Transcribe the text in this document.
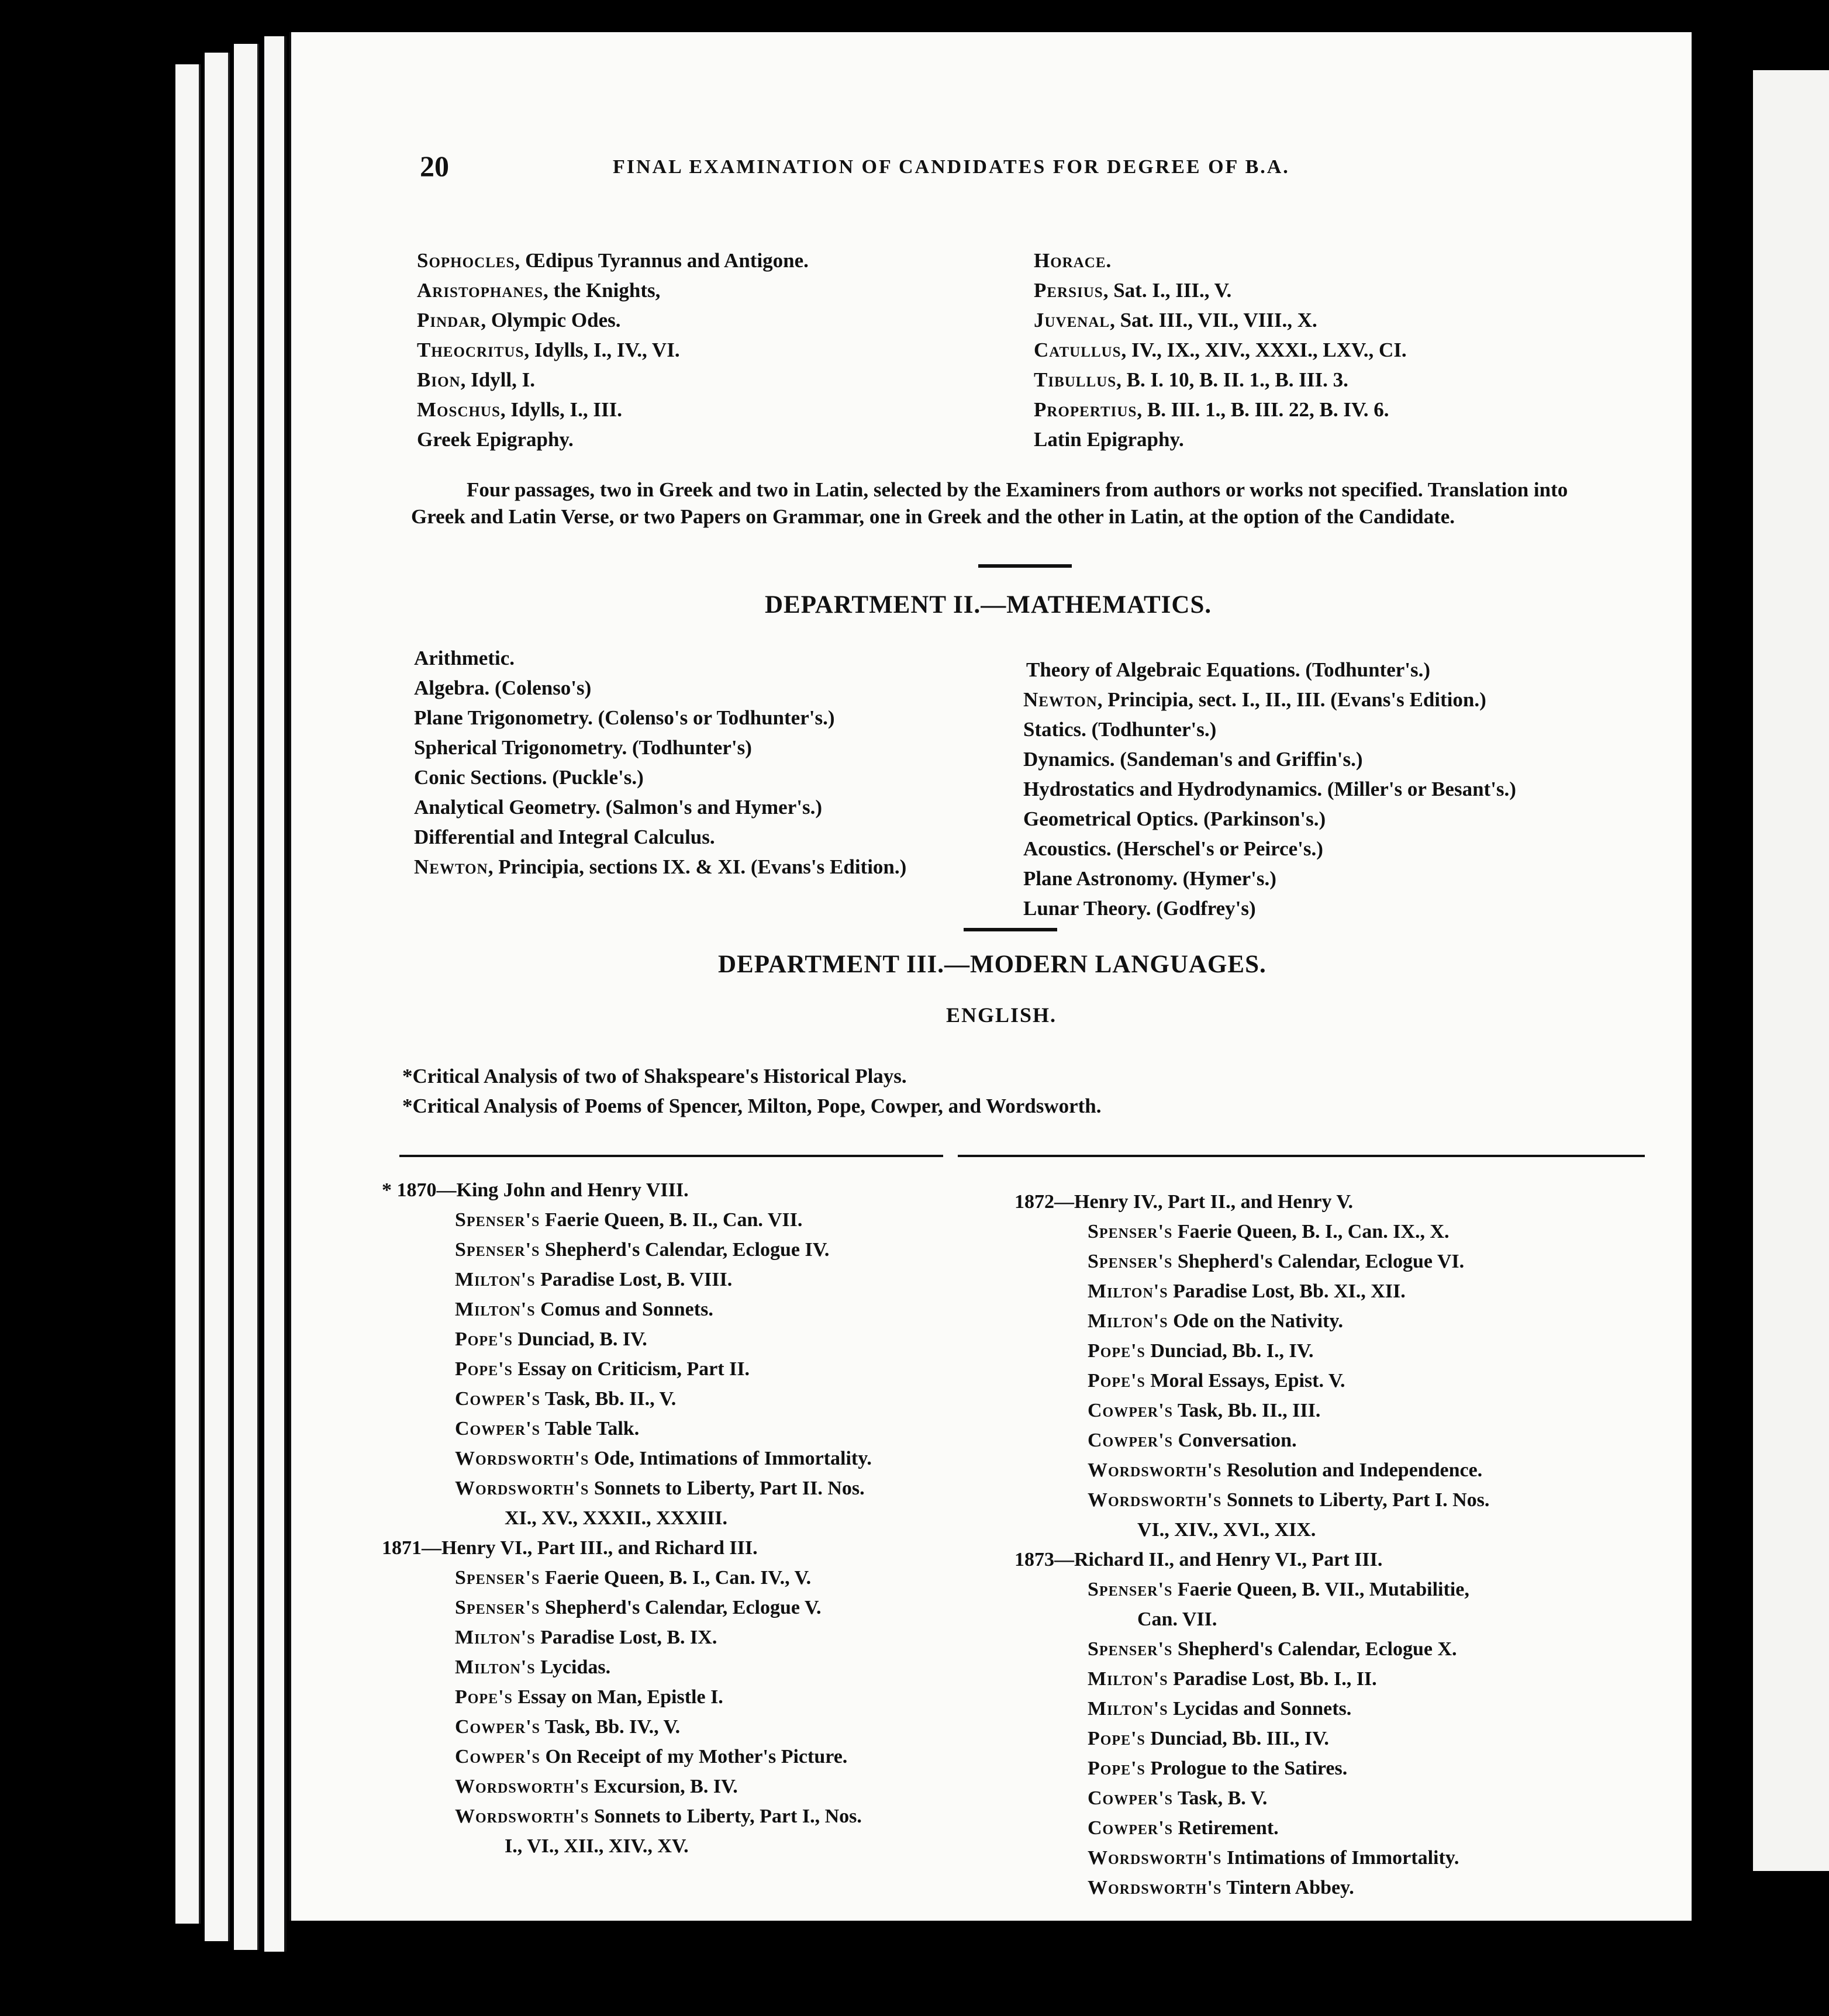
20	FINAL EXAMINATION OF CANDIDATES FOR DEGREE OF B.A.
Sophocles, Œdipus Tyrannus and Antigone.
Aristophanes, the Knights,
Pindar, Olympic Odes.
Theocritus, Idylls, I., IV., VI.
Bion, Idyll, I.
Moschus, Idylls, I., III.
Greek Epigraphy.
Horace.
Persius, Sat. I., III., V.
Juvenal, Sat. III., VII., VIII., X.
Catullus, IV., IX., XIV., XXXI., LXV., CI.
Tibullus, B. I. 10, B. II. 1., B. III. 3.
Propertius, B. III. 1., B. III. 22, B. IV. 6.
Latin Epigraphy.
Four passages, two in Greek and two in Latin, selected by the Examiners from authors or works not specified. Translation into Greek and Latin Verse, or two Papers on Grammar, one in Greek and the other in Latin, at the option of the Candidate.
DEPARTMENT II.—MATHEMATICS.
Arithmetic.
Algebra. (Colenso's)
Plane Trigonometry. (Colenso's or Todhunter's.)
Spherical Trigonometry. (Todhunter's)
Conic Sections. (Puckle's.)
Analytical Geometry. (Salmon's and Hymer's.)
Differential and Integral Calculus.
Newton, Principia, sections IX. & XI. (Evans's Edition.)
Theory of Algebraic Equations. (Todhunter's.)
Newton, Principia, sect. I., II., III. (Evans's Edition.)
Statics. (Todhunter's.)
Dynamics. (Sandeman's and Griffin's.)
Hydrostatics and Hydrodynamics. (Miller's or Besant's.)
Geometrical Optics. (Parkinson's.)
Acoustics. (Herschel's or Peirce's.)
Plane Astronomy. (Hymer's.)
Lunar Theory. (Godfrey's)
DEPARTMENT III.—MODERN LANGUAGES.
ENGLISH.
*Critical Analysis of two of Shakspeare's Historical Plays.
*Critical Analysis of Poems of Spencer, Milton, Pope, Cowper, and Wordsworth.
* 1870—King John and Henry VIII.
Spenser's Faerie Queen, B. II., Can. VII.
Spenser's Shepherd's Calendar, Eclogue IV.
Milton's Paradise Lost, B. VIII.
Milton's Comus and Sonnets.
Pope's Dunciad, B. IV.
Pope's Essay on Criticism, Part II.
Cowper's Task, Bb. II., V.
Cowper's Table Talk.
Wordsworth's Ode, Intimations of Immortality.
Wordsworth's Sonnets to Liberty, Part II. Nos.
XI., XV., XXXII., XXXIII.
1871—Henry VI., Part III., and Richard III.
Spenser's Faerie Queen, B. I., Can. IV., V.
Spenser's Shepherd's Calendar, Eclogue V.
Milton's Paradise Lost, B. IX.
Milton's Lycidas.
Pope's Essay on Man, Epistle I.
Cowper's Task, Bb. IV., V.
Cowper's On Receipt of my Mother's Picture.
Wordsworth's Excursion, B. IV.
Wordsworth's Sonnets to Liberty, Part I., Nos.
I., VI., XII., XIV., XV.
1872—Henry IV., Part II., and Henry V.
Spenser's Faerie Queen, B. I., Can. IX., X.
Spenser's Shepherd's Calendar, Eclogue VI.
Milton's Paradise Lost, Bb. XI., XII.
Milton's Ode on the Nativity.
Pope's Dunciad, Bb. I., IV.
Pope's Moral Essays, Epist. V.
Cowper's Task, Bb. II., III.
Cowper's Conversation.
Wordsworth's Resolution and Independence.
Wordsworth's Sonnets to Liberty, Part I. Nos.
VI., XIV., XVI., XIX.
1873—Richard II., and Henry VI., Part III.
Spenser's Faerie Queen, B. VII., Mutabilitie,
Can. VII.
Spenser's Shepherd's Calendar, Eclogue X.
Milton's Paradise Lost, Bb. I., II.
Milton's Lycidas and Sonnets.
Pope's Dunciad, Bb. III., IV.
Pope's Prologue to the Satires.
Cowper's Task, B. V.
Cowper's Retirement.
Wordsworth's Intimations of Immortality.
Wordsworth's Tintern Abbey.
